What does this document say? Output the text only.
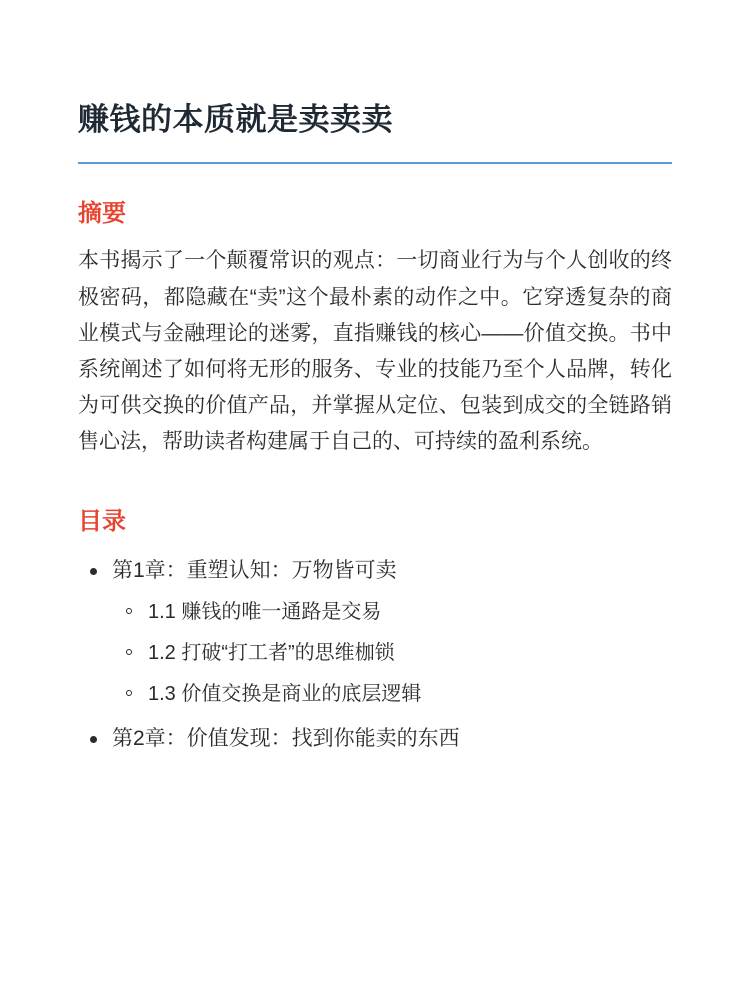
赚钱的本质就是卖卖卖
摘要

本书揭示了一个颠覆常识的观点：一切商业行为与个人创收的终极密码，都隐藏在“卖”这个最朴素的动作之中。它穿透复杂的商业模式与金融理论的迷雾，直指赚钱的核心——价值交换。书中系统阐述了如何将无形的服务、专业的技能乃至个人品牌，转化为可供交换的价值产品，并掌握从定位、包装到成交的全链路销售心法，帮助读者构建属于自己的、可持续的盈利系统。

目录
第1章：重塑认知：万物皆可卖
1.1 赚钱的唯一通路是交易
1.2 打破“打工者”的思维枷锁
1.3 价值交换是商业的底层逻辑
第2章：价值发现：找到你能卖的东西
